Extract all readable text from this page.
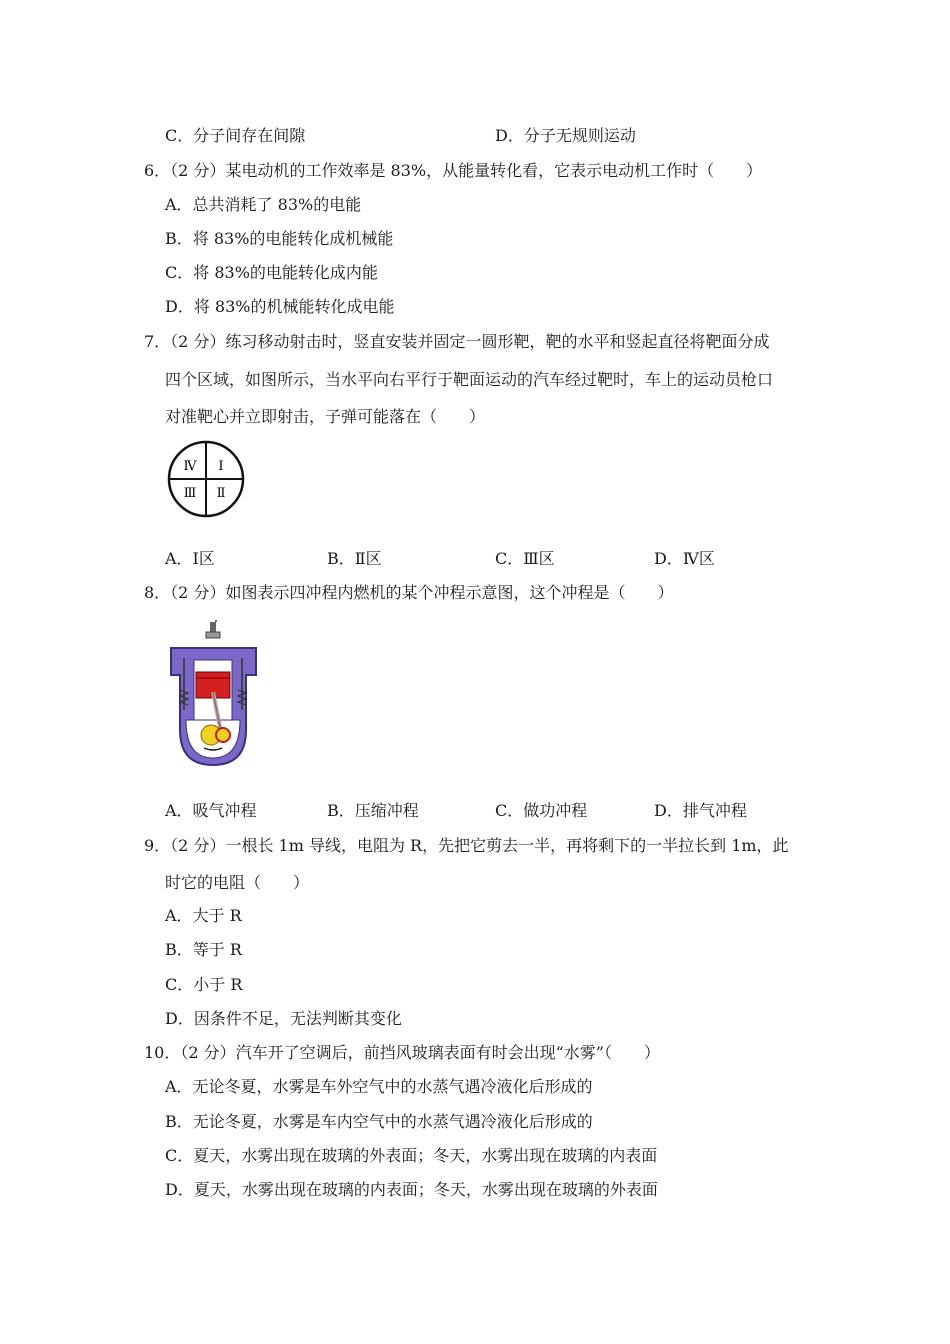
C．分子间存在间隙	D．分子无规则运动
6．（2 分）某电动机的工作效率是 83%，从能量转化看，它表示电动机工作时（　　）
A．总共消耗了 83%的电能
B．将 83%的电能转化成机械能
C．将 83%的电能转化成内能
D．将 83%的机械能转化成电能
7．（2 分）练习移动射击时，竖直安装并固定一圆形靶，靶的水平和竖起直径将靶面分成
四个区域，如图所示，当水平向右平行于靶面运动的汽车经过靶时，车上的运动员枪口
对准靶心并立即射击，子弹可能落在（　　）
Ⅳ Ⅰ
Ⅲ Ⅱ
A．Ⅰ区	B．Ⅱ区	C．Ⅲ区	D．Ⅳ区
8．（2 分）如图表示四冲程内燃机的某个冲程示意图，这个冲程是（　　）
A．吸气冲程	B．压缩冲程	C．做功冲程	D．排气冲程
9．（2 分）一根长 1m 导线，电阻为 R，先把它剪去一半，再将剩下的一半拉长到 1m，此
时它的电阻（　　）
A．大于 R
B．等于 R
C．小于 R
D．因条件不足，无法判断其变化
10．（2 分）汽车开了空调后，前挡风玻璃表面有时会出现“水雾”（　　）
A．无论冬夏，水雾是车外空气中的水蒸气遇冷液化后形成的
B．无论冬夏，水雾是车内空气中的水蒸气遇冷液化后形成的
C．夏天，水雾出现在玻璃的外表面；冬天，水雾出现在玻璃的内表面
D．夏天，水雾出现在玻璃的内表面；冬天，水雾出现在玻璃的外表面
